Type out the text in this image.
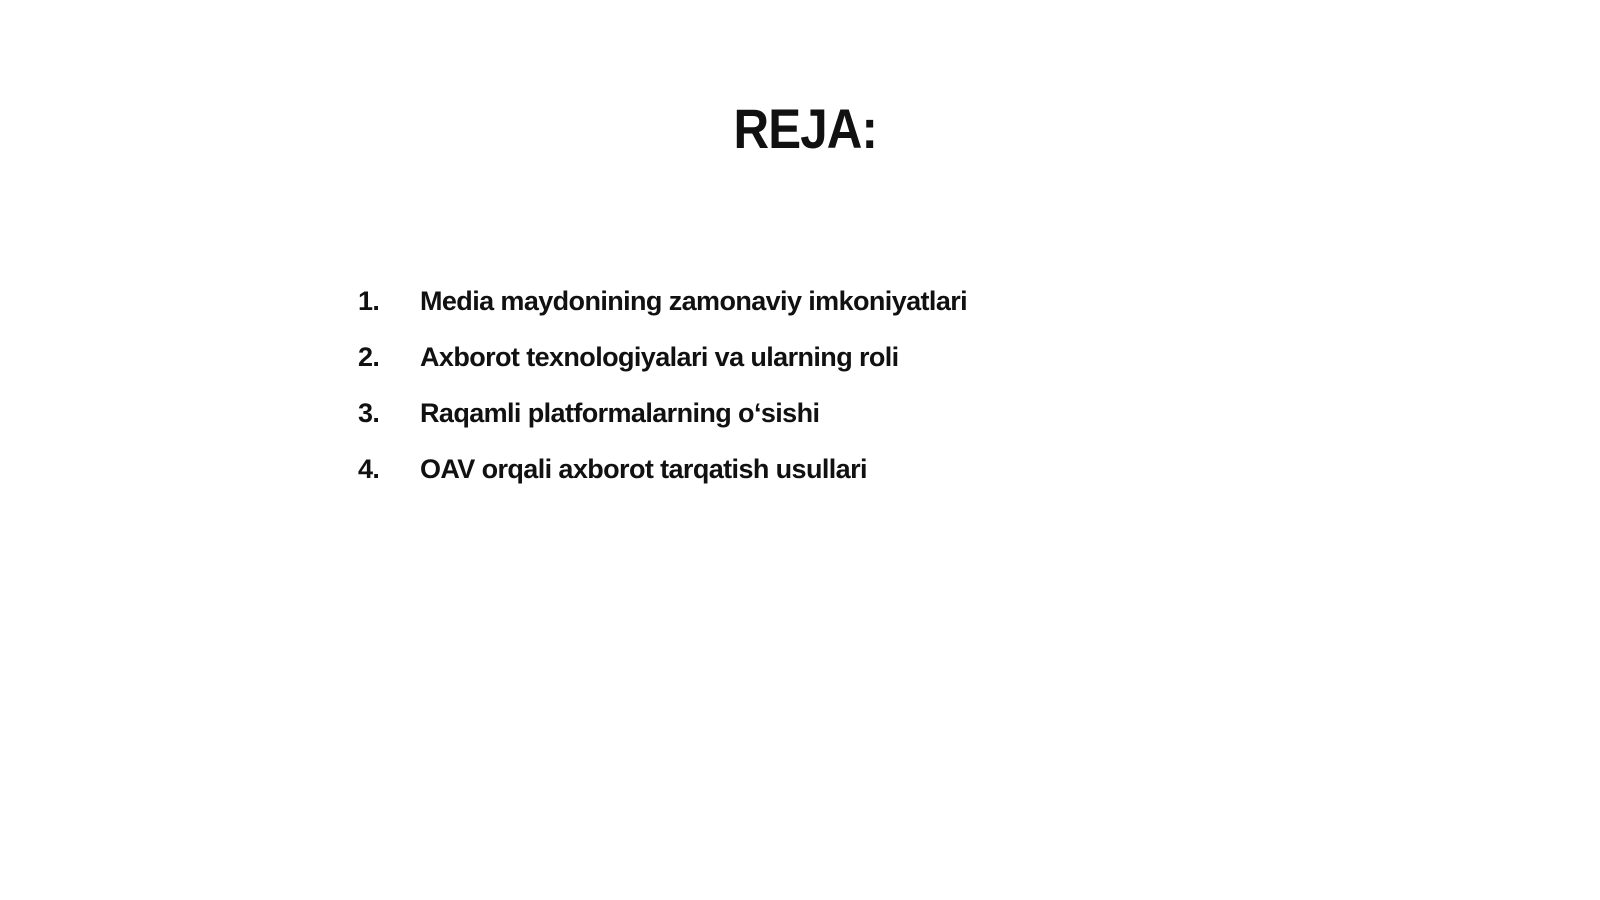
REJA:
1.	Media maydonining zamonaviy imkoniyatlari
2.	Axborot texnologiyalari va ularning roli
3.	Raqamli platformalarning o‘sishi
4.	OAV orqali axborot tarqatish usullari
